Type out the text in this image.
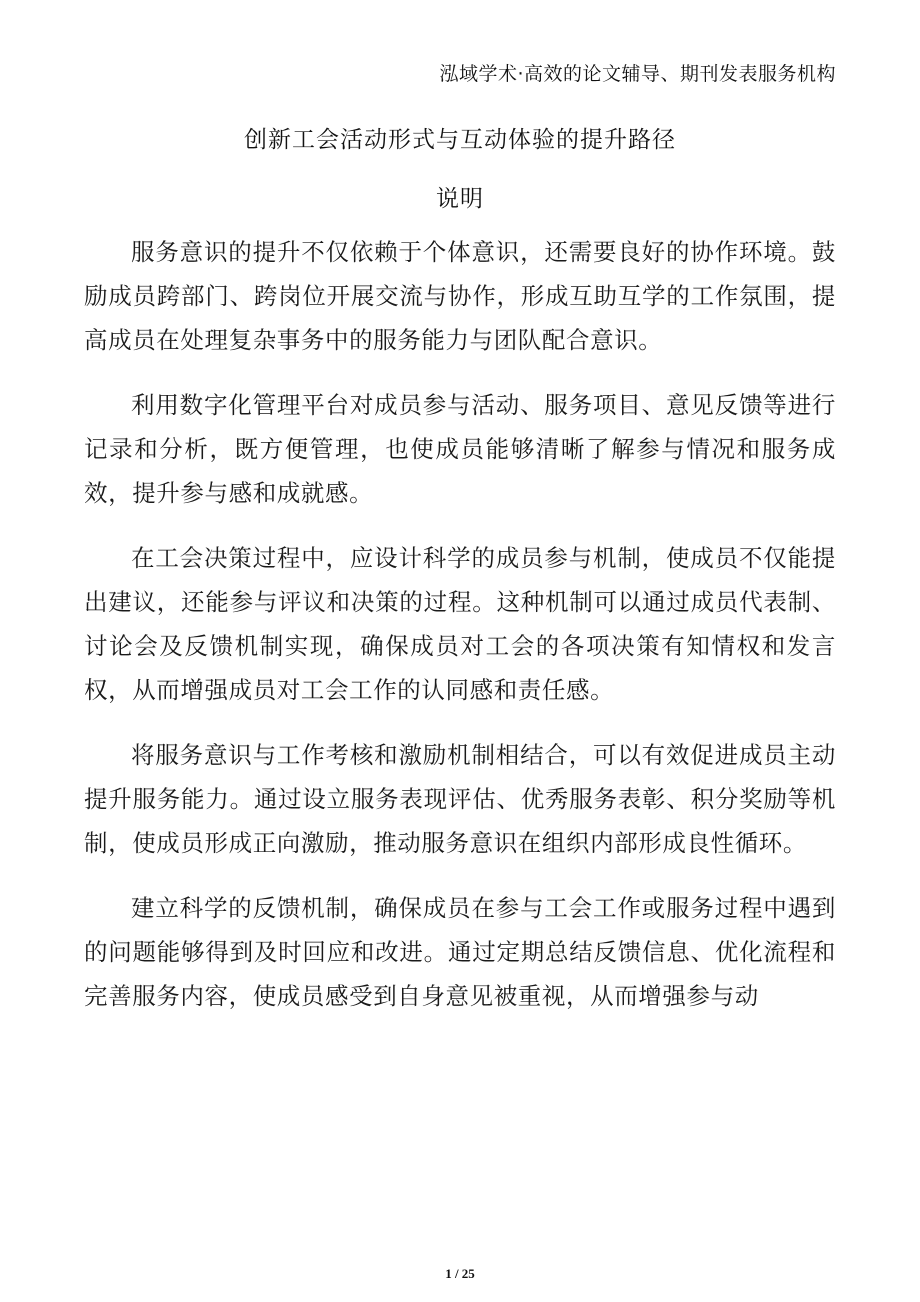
泓域学术·高效的论文辅导、期刊发表服务机构
创新工会活动形式与互动体验的提升路径
说明

服务意识的提升不仅依赖于个体意识，还需要良好的协作环境。鼓励成员跨部门、跨岗位开展交流与协作，形成互助互学的工作氛围，提高成员在处理复杂事务中的服务能力与团队配合意识。

利用数字化管理平台对成员参与活动、服务项目、意见反馈等进行记录和分析，既方便管理，也使成员能够清晰了解参与情况和服务成效，提升参与感和成就感。

在工会决策过程中，应设计科学的成员参与机制，使成员不仅能提出建议，还能参与评议和决策的过程。这种机制可以通过成员代表制、讨论会及反馈机制实现，确保成员对工会的各项决策有知情权和发言权，从而增强成员对工会工作的认同感和责任感。

将服务意识与工作考核和激励机制相结合，可以有效促进成员主动提升服务能力。通过设立服务表现评估、优秀服务表彰、积分奖励等机制，使成员形成正向激励，推动服务意识在组织内部形成良性循环。

建立科学的反馈机制，确保成员在参与工会工作或服务过程中遇到的问题能够得到及时回应和改进。通过定期总结反馈信息、优化流程和完善服务内容，使成员感受到自身意见被重视，从而增强参与动

1 / 25
